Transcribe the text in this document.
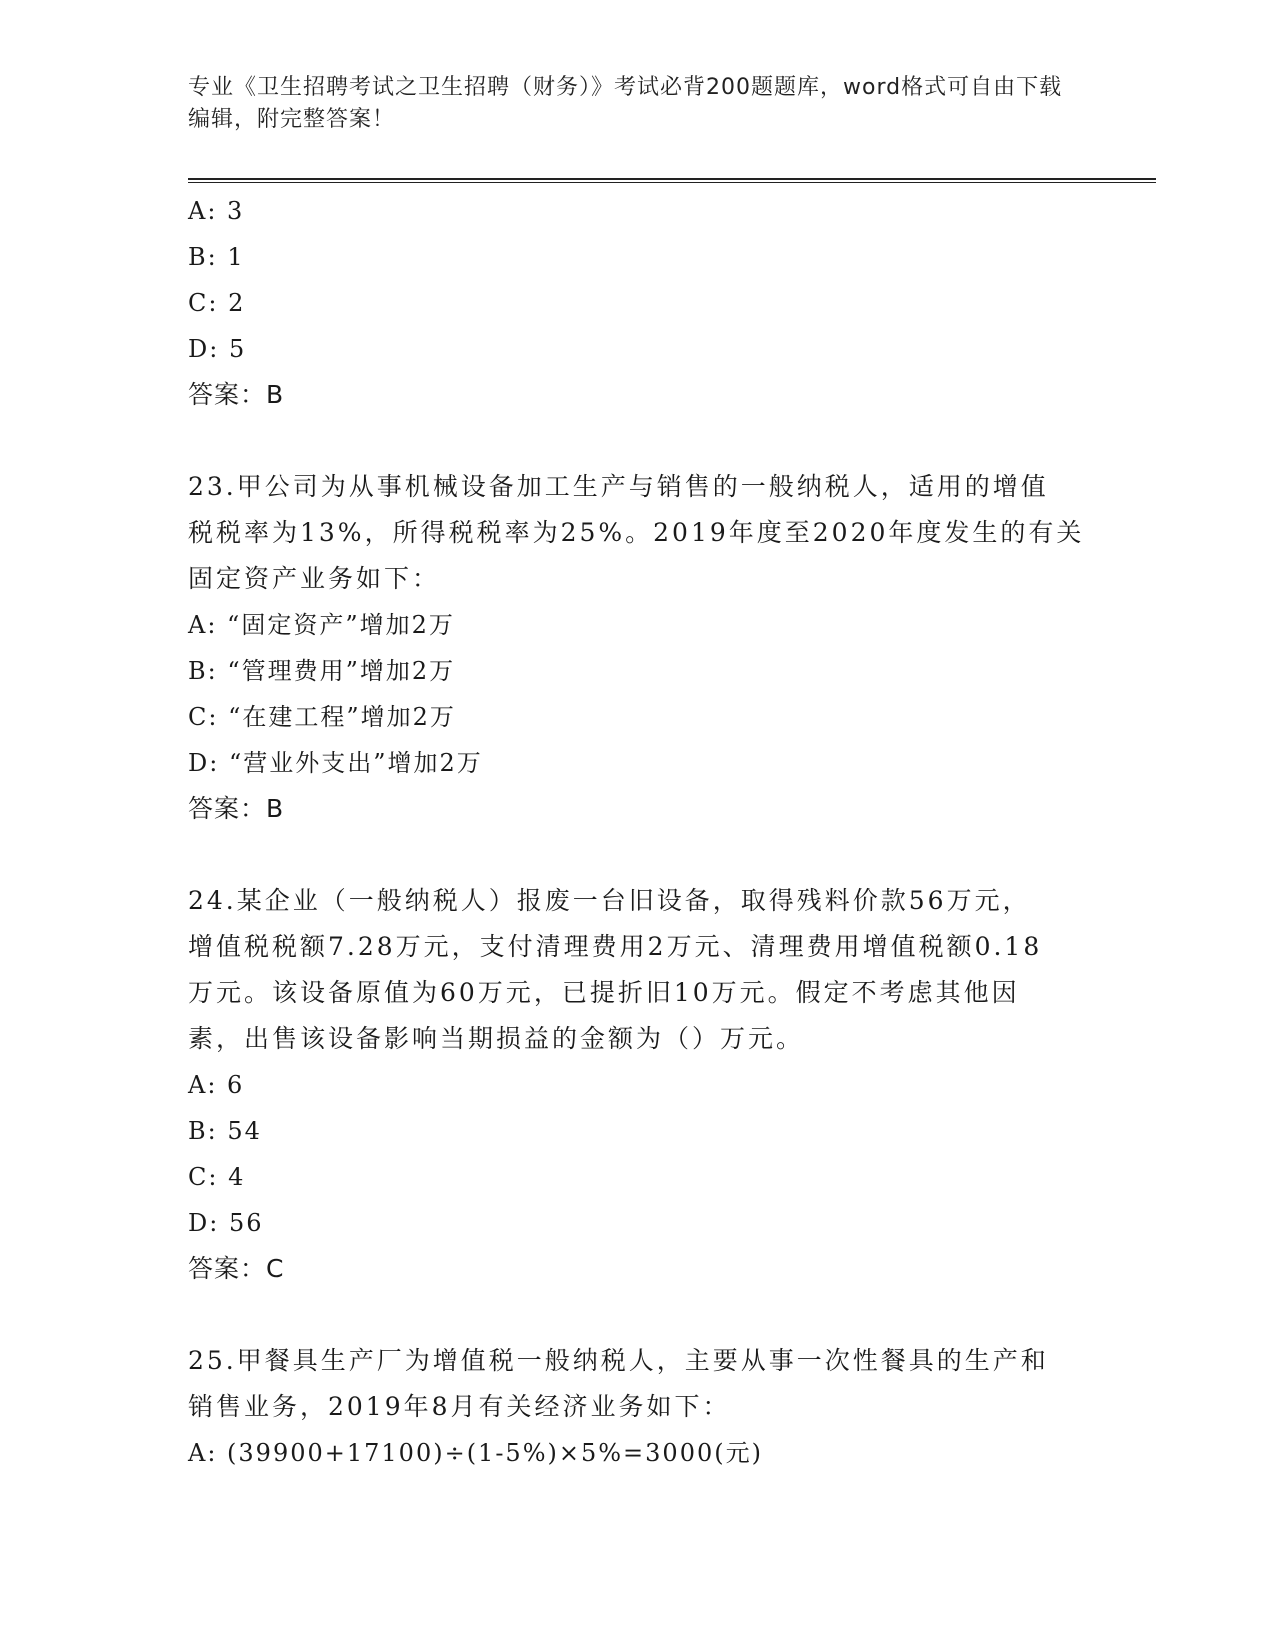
专业《卫生招聘考试之卫生招聘（财务）》考试必背200题题库，word格式可自由下载编辑，附完整答案！
A: 3
B: 1
C: 2
D: 5
答案：B
23.甲公司为从事机械设备加工生产与销售的一般纳税人，适用的增值
税税率为13%，所得税税率为25%。2019年度至2020年度发生的有关
固定资产业务如下：
A: “固定资产”增加2万
B: “管理费用”增加2万
C: “在建工程”增加2万
D: “营业外支出”增加2万
答案：B
24.某企业（一般纳税人）报废一台旧设备，取得残料价款56万元，
增值税税额7.28万元，支付清理费用2万元、清理费用增值税额0.18
万元。该设备原值为60万元，已提折旧10万元。假定不考虑其他因
素，出售该设备影响当期损益的金额为（）万元。
A: 6
B: 54
C: 4
D: 56
答案：C
25.甲餐具生产厂为增值税一般纳税人，主要从事一次性餐具的生产和
销售业务，2019年8月有关经济业务如下：
A: (39900+17100)÷(1-5%)×5%=3000(元)
